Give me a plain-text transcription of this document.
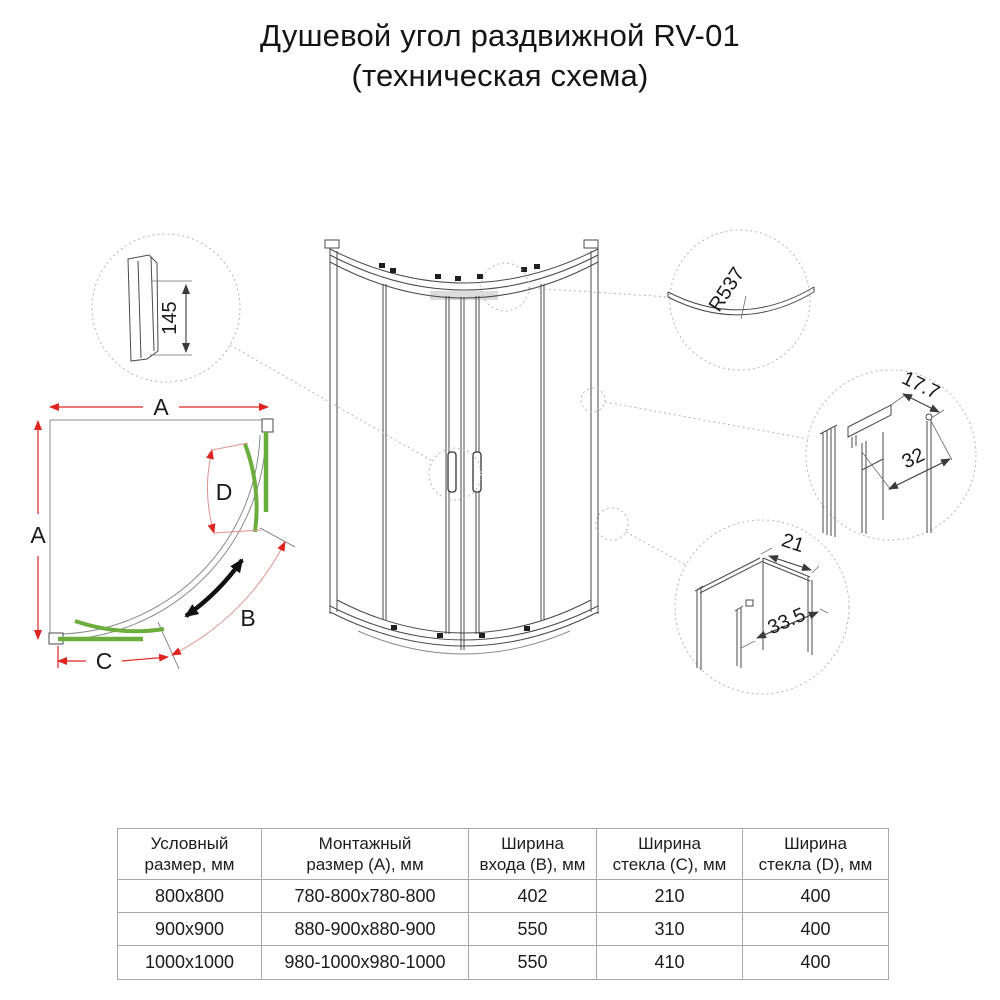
Душевой угол раздвижной RV-01
(техническая схема)
A
A
C
B
D
145
R537
17.7
32
21
33.5
Условный
размер, мм

Монтажный
размер (А), мм

Ширина
входа (В), мм

Ширина
стекла (С), мм

Ширина
стекла (D), мм

800x800	780-800x780-800	402	210	400
900x900	880-900x880-900	550	310	400
1000x1000	980-1000x980-1000	550	410	400
